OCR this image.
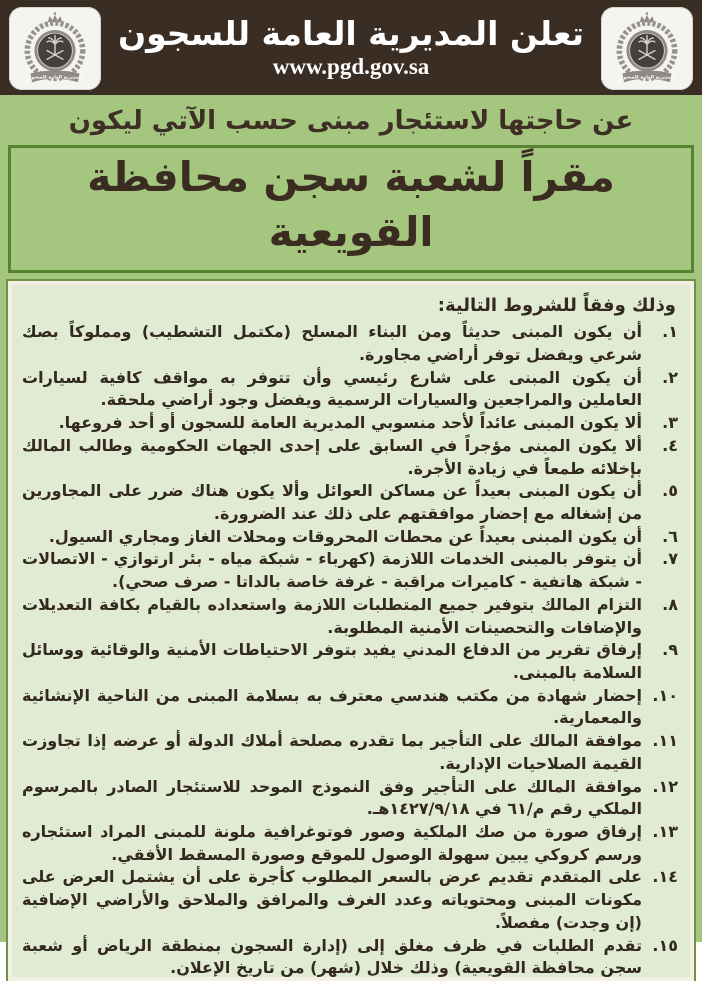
المديرية العامة للسجون
تعلن المديرية العامة للسجون
www.pgd.gov.sa	المديرية العامة للسجون
عن حاجتها لاستئجار مبنى حسب الآتي ليكون
مقراً لشعبة سجن محافظة القويعية
وذلك وفقاً للشروط التالية:
١.
أن يكون المبنى حديثاً ومن البناء المسلح (مكتمل التشطيب) ومملوكاً بصك شرعي ويفضل توفر أراضي مجاورة.
٢.
أن يكون المبنى على شارع رئيسي وأن تتوفر به مواقف كافية لسيارات العاملين والمراجعين والسيارات الرسمية ويفضل وجود أراضي ملحقة.
٣.
ألا يكون المبنى عائداً لأحد منسوبي المديرية العامة للسجون أو أحد فروعها.
٤.
ألا يكون المبنى مؤجراً في السابق على إحدى الجهات الحكومية وطالب المالك بإخلائه طمعاً في زيادة الأجرة.
٥.
أن يكون المبنى بعيداً عن مساكن العوائل وألا يكون هناك ضرر على المجاورين من إشغاله مع إحضار موافقتهم على ذلك عند الضرورة.
٦.
أن يكون المبنى بعيداً عن محطات المحروقات ومحلات الغاز ومجاري السيول.
٧.
أن يتوفر بالمبنى الخدمات اللازمة (كهرباء - شبكة مياه - بئر ارتوازي - الاتصالات - شبكة هاتفية - كاميرات مراقبة - غرفة خاصة بالداتا - صرف صحي).
٨.
التزام المالك بتوفير جميع المتطلبات اللازمة واستعداده بالقيام بكافة التعديلات والإضافات والتحصينات الأمنية المطلوبة.
٩.
إرفاق تقرير من الدفاع المدني يفيد بتوفر الاحتياطات الأمنية والوقائية ووسائل السلامة بالمبنى.
١٠.
إحضار شهادة من مكتب هندسي معترف به بسلامة المبنى من الناحية الإنشائية والمعمارية.
١١.
موافقة المالك على التأجير بما تقدره مصلحة أملاك الدولة أو عرضه إذا تجاوزت القيمة الصلاحيات الإدارية.
١٢.
موافقة المالك على التأجير وفق النموذج الموحد للاستئجار الصادر بالمرسوم الملكي رقم م/٦١ في ١٤٢٧/٩/١٨هـ.
١٣.
إرفاق صورة من صك الملكية وصور فوتوغرافية ملونة للمبنى المراد استئجاره ورسم كروكي يبين سهولة الوصول للموقع وصورة المسقط الأفقي.
١٤.
على المتقدم تقديم عرض بالسعر المطلوب كأجرة على أن يشتمل العرض على مكونات المبنى ومحتوياته وعدد الغرف والمرافق والملاحق والأراضي الإضافية (إن وجدت) مفصلاً.
١٥.
تقدم الطلبات في ظرف مغلق إلى (إدارة السجون بمنطقة الرياض أو شعبة سجن محافظة القويعية) وذلك خلال (شهر) من تاريخ الإعلان.
